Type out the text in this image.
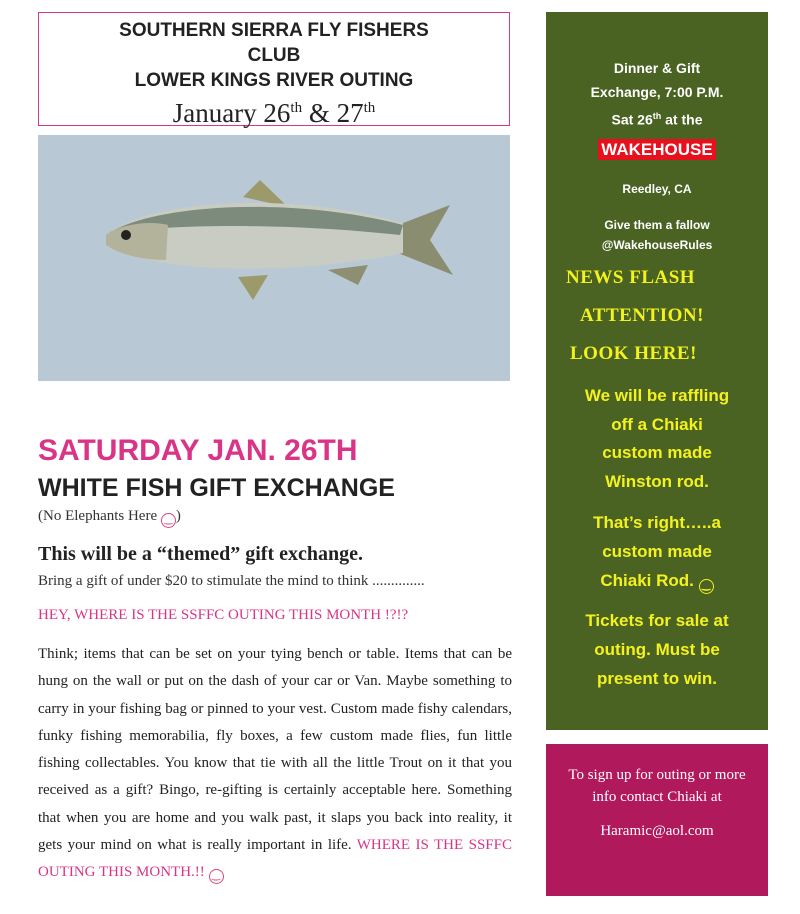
SOUTHERN SIERRA FLY FISHERS
CLUB
LOWER KINGS RIVER OUTING
January 26th & 27th
SATURDAY JAN. 26TH
WHITE FISH GIFT EXCHANGE
(No Elephants Here ‿ )
This will be a “themed” gift exchange.
Bring a gift of under $20 to stimulate the mind to think ..............
HEY, WHERE IS THE SSFFC OUTING THIS MONTH !?!?
Think; items that can be set on your tying bench or table. Items that can be hung on the wall or put on the dash of your car or Van. Maybe something to carry in your fishing bag or pinned to your vest. Custom made fishy calendars, funky fishing memorabilia, fly boxes, a few custom made flies, fun little fishing collectables. You know that tie with all the little Trout on it that you received as a gift? Bingo, re-gifting is certainly acceptable here. Something that when you are home and you walk past, it slaps you back into reality, it gets your mind on what is really important in life. WHERE IS THE SSFFC OUTING THIS MONTH.!! ‿
Dinner & Gift
Exchange, 7:00 P.M.
Sat 26th at the
WAKEHOUSE
Reedley, CA
Give them a fallow
@WakehouseRules
NEWS FLASH
ATTENTION!
LOOK HERE!
We will be raffling
off a Chiaki
custom made
Winston rod.
That’s right…..a
custom made
Chiaki Rod. ‿
Tickets for sale at
outing. Must be
present to win.
To sign up for outing or more
info contact Chiaki at
Haramic@aol.com
